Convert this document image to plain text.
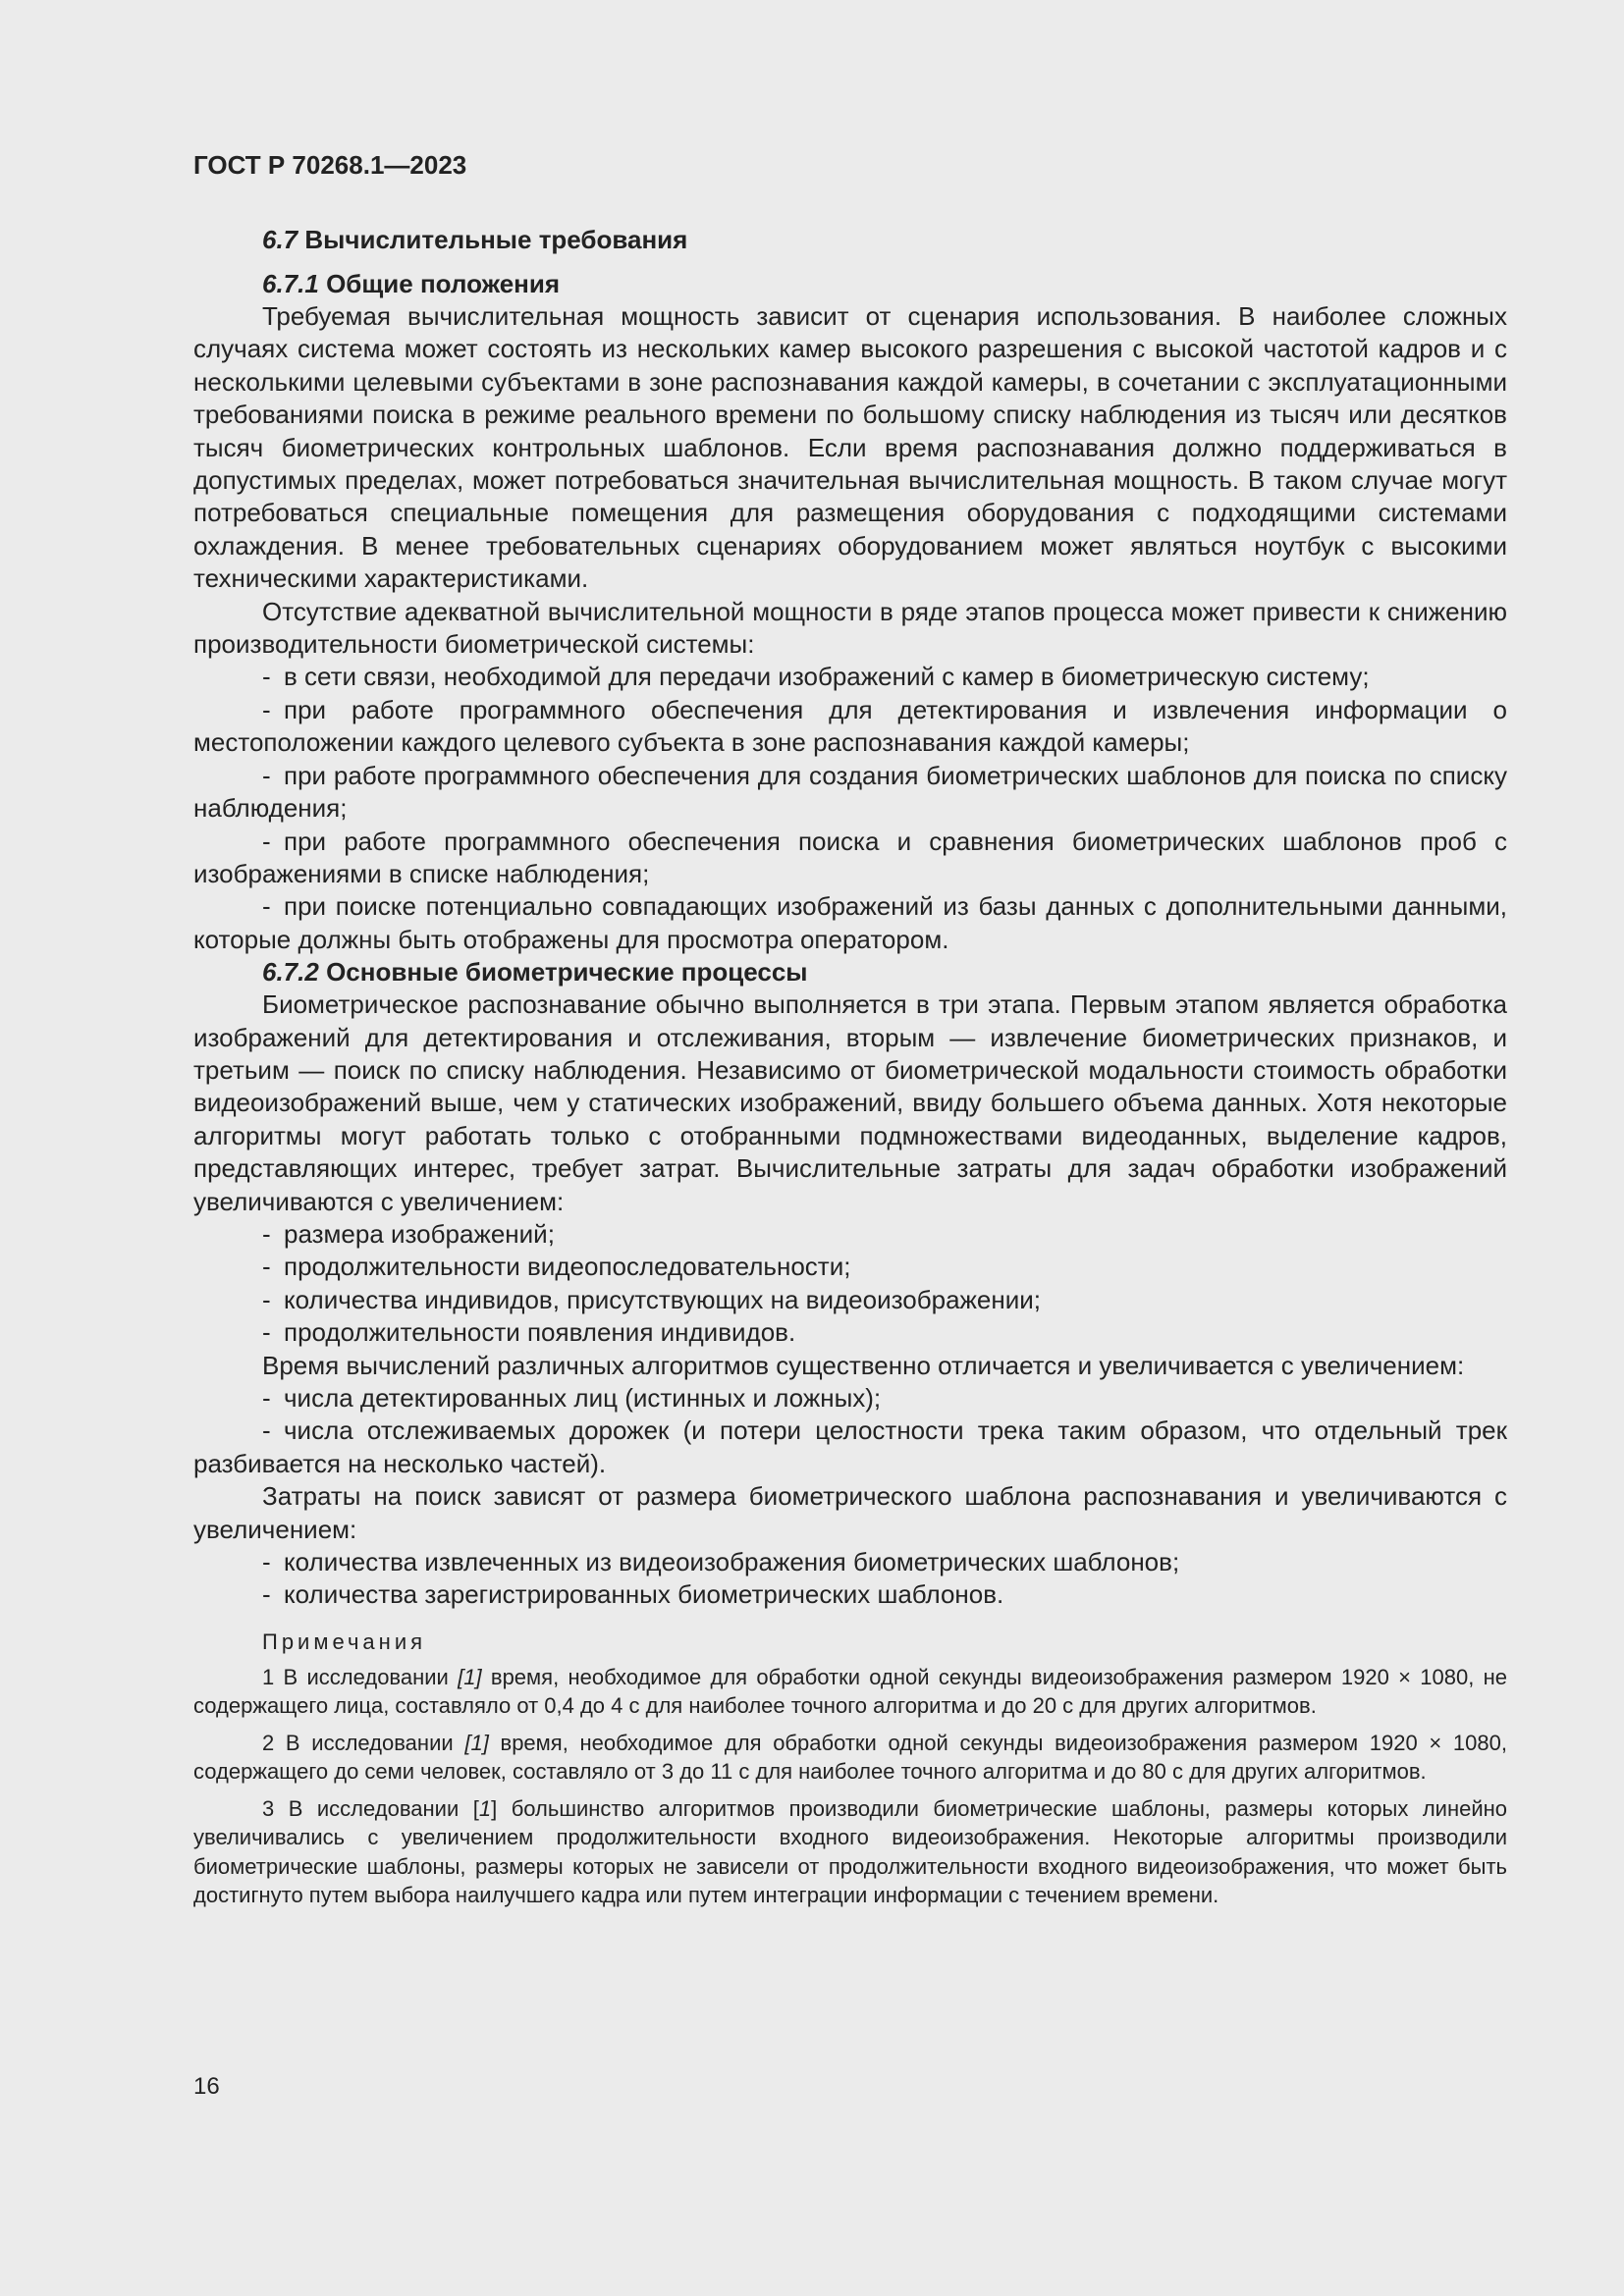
ГОСТ Р 70268.1—2023

6.7 Вычислительные требования
6.7.1 Общие положения

Требуемая вычислительная мощность зависит от сценария использования. В наиболее сложных случаях система может состоять из нескольких камер высокого разрешения с высокой частотой кадров и с несколькими целевыми субъектами в зоне распознавания каждой камеры, в сочетании с эксплуатационными требованиями поиска в режиме реального времени по большому списку наблюдения из тысяч или десятков тысяч биометрических контрольных шаблонов. Если время распознавания должно поддерживаться в допустимых пределах, может потребоваться значительная вычислительная мощность. В таком случае могут потребоваться специальные помещения для размещения оборудования с подходящими системами охлаждения. В менее требовательных сценариях оборудованием может являться ноутбук с высокими техническими характеристиками.

Отсутствие адекватной вычислительной мощности в ряде этапов процесса может привести к снижению производительности биометрической системы:

- в сети связи, необходимой для передачи изображений с камер в биометрическую систему;

- при работе программного обеспечения для детектирования и извлечения информации о местоположении каждого целевого субъекта в зоне распознавания каждой камеры;

- при работе программного обеспечения для создания биометрических шаблонов для поиска по списку наблюдения;

- при работе программного обеспечения поиска и сравнения биометрических шаблонов проб с изображениями в списке наблюдения;

- при поиске потенциально совпадающих изображений из базы данных с дополнительными данными, которые должны быть отображены для просмотра оператором.

6.7.2 Основные биометрические процессы

Биометрическое распознавание обычно выполняется в три этапа. Первым этапом является обработка изображений для детектирования и отслеживания, вторым — извлечение биометрических признаков, и третьим — поиск по списку наблюдения. Независимо от биометрической модальности стоимость обработки видеоизображений выше, чем у статических изображений, ввиду большего объема данных. Хотя некоторые алгоритмы могут работать только с отобранными подмножествами видеоданных, выделение кадров, представляющих интерес, требует затрат. Вычислительные затраты для задач обработки изображений увеличиваются с увеличением:

- размера изображений;

- продолжительности видеопоследовательности;

- количества индивидов, присутствующих на видеоизображении;

- продолжительности появления индивидов.

Время вычислений различных алгоритмов существенно отличается и увеличивается с увеличением:

- числа детектированных лиц (истинных и ложных);

- числа отслеживаемых дорожек (и потери целостности трека таким образом, что отдельный трек разбивается на несколько частей).

Затраты на поиск зависят от размера биометрического шаблона распознавания и увеличиваются с увеличением:

- количества извлеченных из видеоизображения биометрических шаблонов;

- количества зарегистрированных биометрических шаблонов.

Примечания

1 В исследовании [1] время, необходимое для обработки одной секунды видеоизображения размером 1920 × 1080, не содержащего лица, составляло от 0,4 до 4 с для наиболее точного алгоритма и до 20 с для других алгоритмов.

2 В исследовании [1] время, необходимое для обработки одной секунды видеоизображения размером 1920 × 1080, содержащего до семи человек, составляло от 3 до 11 с для наиболее точного алгоритма и до 80 с для других алгоритмов.

3 В исследовании [1] большинство алгоритмов производили биометрические шаблоны, размеры которых линейно увеличивались с увеличением продолжительности входного видеоизображения. Некоторые алгоритмы производили биометрические шаблоны, размеры которых не зависели от продолжительности входного видеоизображения, что может быть достигнуто путем выбора наилучшего кадра или путем интеграции информации с течением времени.

16
